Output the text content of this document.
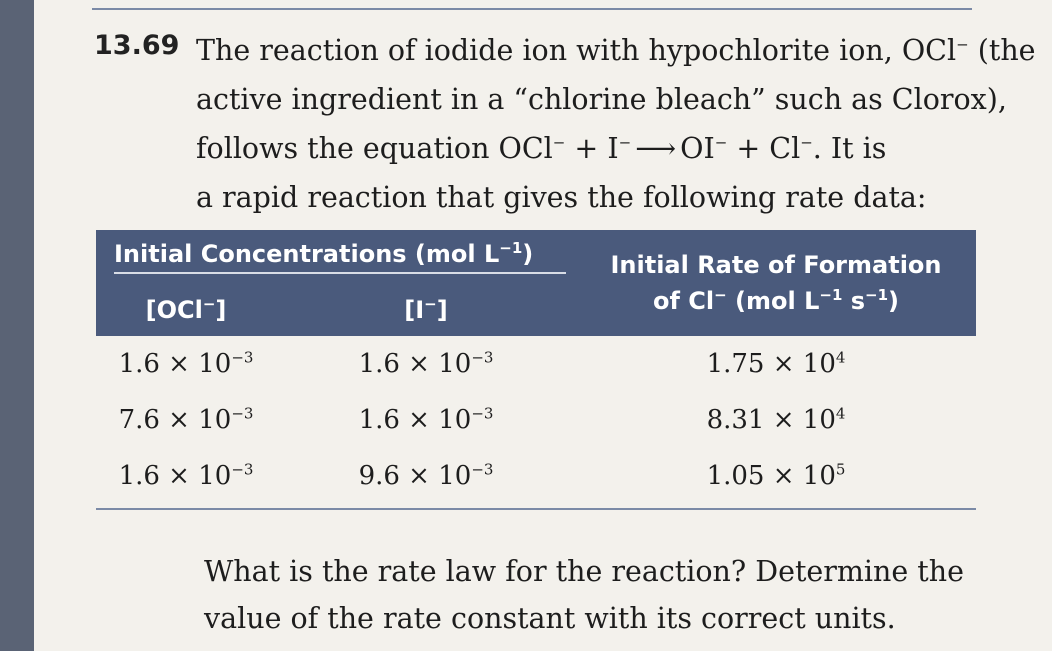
13.69 The reaction of iodide ion with hypochlorite ion, OCl− (the
active ingredient in a “chlorine bleach” such as Clorox),
follows the equation OCl− + I− ⟶ OI− + Cl−. It is
a rapid reaction that gives the following rate data:
Initial Concentrations (mol $L^{-1}$)		Initial Rate of Formation
of Cl− (mol $L^{-1}$ $s^{-1}$)

[OCl−]	[I−]	
$1.6 \times 10^{-3}$	$1.6 \times 10^{-3}$	$1.75 \times 10^4$
$7.6 \times 10^{-3}$	$1.6 \times 10^{-3}$	$8.31 \times 10^4$
$1.6 \times 10^{-3}$	$9.6 \times 10^{-3}$	$1.05 \times 10^5$
What is the rate law for the reaction? Determine the
value of the rate constant with its correct units.
